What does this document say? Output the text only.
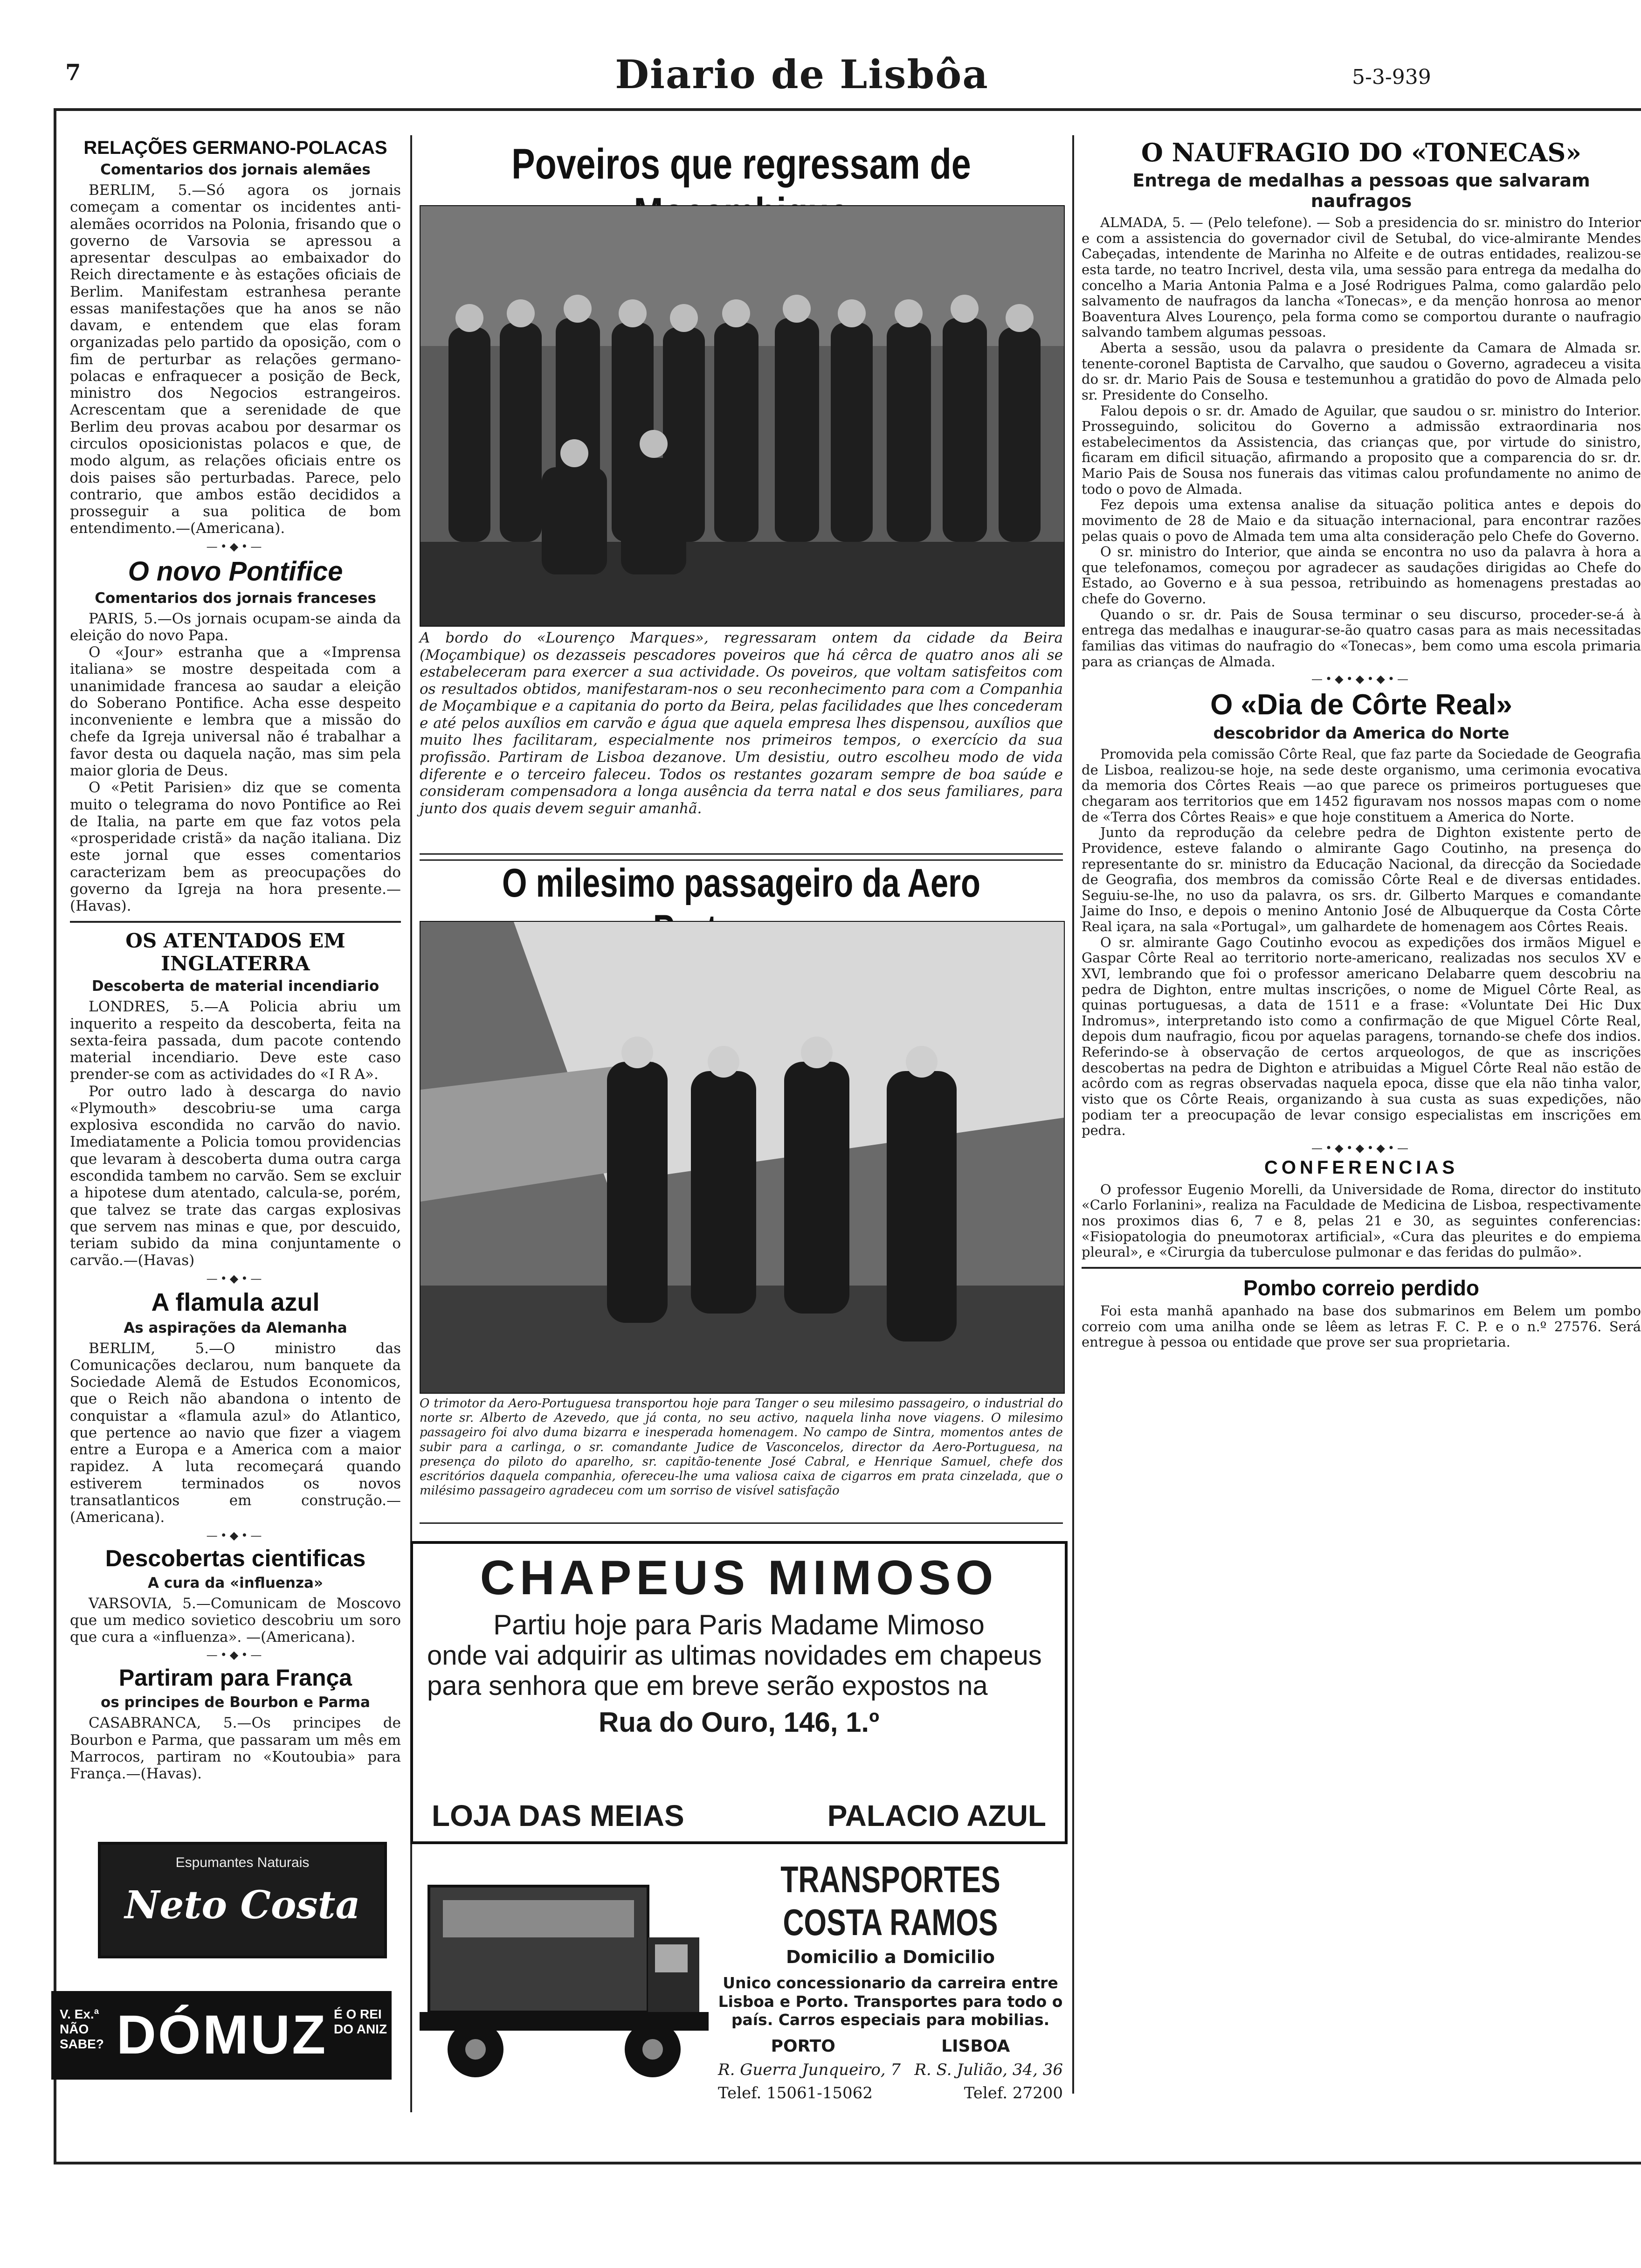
7	Diario de Lisbôa	5-3-939
RELAÇÕES GERMANO-POLACAS
Comentarios dos jornais alemães

BERLIM, 5.—Só agora os jornais começam a comentar os incidentes anti-alemães ocorridos na Polonia, frisando que o governo de Varsovia se apressou a apresentar desculpas ao embaixador do Reich directamente e às estações oficiais de Berlim. Manifestam estranhesa perante essas manifestações que ha anos se não davam, e entendem que elas foram organizadas pelo partido da oposição, com o fim de perturbar as relações germano-polacas e enfraquecer a posição de Beck, ministro dos Negocios estrangeiros. Acrescentam que a serenidade de que Berlim deu provas acabou por desarmar os circulos oposicionistas polacos e que, de modo algum, as relações oficiais entre os dois paises são perturbadas. Parece, pelo contrario, que ambos estão decididos a prosseguir a sua politica de bom entendimento.—(Americana).

—•◆•—
O novo Pontifice
Comentarios dos jornais franceses

PARIS, 5.—Os jornais ocupam-se ainda da eleição do novo Papa.

O «Jour» estranha que a «Imprensa italiana» se mostre despeitada com a unanimidade francesa ao saudar a eleição do Soberano Pontifice. Acha esse despeito inconveniente e lembra que a missão do chefe da Igreja universal não é trabalhar a favor desta ou daquela nação, mas sim pela maior gloria de Deus.

O «Petit Parisien» diz que se comenta muito o telegrama do novo Pontifice ao Rei de Italia, na parte em que faz votos pela «prosperidade cristã» da nação italiana. Diz este jornal que esses comentarios caracterizam bem as preocupações do governo da Igreja na hora presente.—(Havas).

OS ATENTADOS EM INGLATERRA
Descoberta de material incendiario

LONDRES, 5.—A Policia abriu um inquerito a respeito da descoberta, feita na sexta-feira passada, dum pacote contendo material incendiario. Deve este caso prender-se com as actividades do «I R A».

Por outro lado à descarga do navio «Plymouth» descobriu-se uma carga explosiva escondida no carvão do navio. Imediatamente a Policia tomou providencias que levaram à descoberta duma outra carga escondida tambem no carvão. Sem se excluir a hipotese dum atentado, calcula-se, porém, que talvez se trate das cargas explosivas que servem nas minas e que, por descuido, teriam subido da mina conjuntamente o carvão.—(Havas)

—•◆•—
A flamula azul
As aspirações da Alemanha

BERLIM, 5.—O ministro das Comunicações declarou, num banquete da Sociedade Alemã de Estudos Economicos, que o Reich não abandona o intento de conquistar a «flamula azul» do Atlantico, que pertence ao navio que fizer a viagem entre a Europa e a America com a maior rapidez. A luta recomeçará quando estiverem terminados os novos transatlanticos em construção.—(Americana).

—•◆•—
Descobertas cientificas
A cura da «influenza»

VARSOVIA, 5.—Comunicam de Moscovo que um medico sovietico descobriu um soro que cura a «influenza». —(Americana).

—•◆•—
Partiram para França
os principes de Bourbon e Parma

CASABRANCA, 5.—Os principes de Bourbon e Parma, que passaram um mês em Marrocos, partiram no «Koutoubia» para França.—(Havas).

Espumantes Naturais
Neto Costa
V. Ex.ª NÃO SABE? DÓMUZ É O REI DO ANIZ
Poveiros que regressam de
A bordo do «Lourenço Marques», regressaram ontem da cidade da Beira (Moçambique) os dezasseis pescadores poveiros que há cêrca de quatro anos ali se estabeleceram para exercer a sua actividade. Os poveiros, que voltam satisfeitos com os resultados obtidos, manifestaram-nos o seu reconhecimento para com a Companhia de Moçambique e a capitania do porto da Beira, pelas facilidades que lhes concederam e até pelos auxílios em carvão e água que aquela empresa lhes dispensou, auxílios que muito lhes facilitaram, especialmente nos primeiros tempos, o exercício da sua profissão. Partiram de Lisboa dezanove. Um desistiu, outro escolheu modo de vida diferente e o terceiro faleceu. Todos os restantes gozaram sempre de boa saúde e consideram compensadora a longa ausência da terra natal e dos seus familiares, para junto dos quais devem seguir amanhã.
O milesimo passageiro da Aero
O trimotor da Aero-Portuguesa transportou hoje para Tanger o seu milesimo passageiro, o industrial do norte sr. Alberto de Azevedo, que já conta, no seu activo, naquela linha nove viagens. O milesimo passageiro foi alvo duma bizarra e inesperada homenagem. No campo de Sintra, momentos antes de subir para a carlinga, o sr. comandante Judice de Vasconcelos, director da Aero-Portuguesa, na presença do piloto do aparelho, sr. capitão-tenente José Cabral, e Henrique Samuel, chefe dos escritórios daquela companhia, ofereceu-lhe uma valiosa caixa de cigarros em prata cinzelada, que o milésimo passageiro agradeceu com um sorriso de visível satisfação
CHAPEUS MIMOSO
Partiu hoje para Paris Madame Mimoso
onde vai adquirir as ultimas novidades em chapeus para senhora que em breve serão expostos na
Rua do Ouro, 146, 1.º
LOJA DAS MEIAS	PALACIO AZUL
TRANSPORTES COSTA RAMOS
Domicilio a Domicilio
Unico concessionario da carreira entre Lisboa e Porto. Transportes para todo o país. Carros especiais para mobilias.
PORTO	LISBOA
R. Guerra Junqueiro, 7 R. S. Julião, 34, 36
Telef. 15061-15062	Telef. 27200
O NAUFRAGIO DO «TONECAS»
Entrega de medalhas a pessoas que salvaram naufragos

ALMADA, 5. — (Pelo telefone). — Sob a presidencia do sr. ministro do Interior e com a assistencia do governador civil de Setubal, do vice-almirante Mendes Cabeçadas, intendente de Marinha no Alfeite e de outras entidades, realizou-se esta tarde, no teatro Incrivel, desta vila, uma sessão para entrega da medalha do concelho a Maria Antonia Palma e a José Rodrigues Palma, como galardão pelo salvamento de naufragos da lancha «Tonecas», e da menção honrosa ao menor Boaventura Alves Lourenço, pela forma como se comportou durante o naufragio salvando tambem algumas pessoas.

Aberta a sessão, usou da palavra o presidente da Camara de Almada sr. tenente-coronel Baptista de Carvalho, que saudou o Governo, agradeceu a visita do sr. dr. Mario Pais de Sousa e testemunhou a gratidão do povo de Almada pelo sr. Presidente do Conselho.

Falou depois o sr. dr. Amado de Aguilar, que saudou o sr. ministro do Interior. Prosseguindo, solicitou do Governo a admissão extraordinaria nos estabelecimentos da Assistencia, das crianças que, por virtude do sinistro, ficaram em dificil situação, afirmando a proposito que a comparencia do sr. dr. Mario Pais de Sousa nos funerais das vitimas calou profundamente no animo de todo o povo de Almada.

Fez depois uma extensa analise da situação politica antes e depois do movimento de 28 de Maio e da situação internacional, para encontrar razões pelas quais o povo de Almada tem uma alta consideração pelo Chefe do Governo.

O sr. ministro do Interior, que ainda se encontra no uso da palavra à hora a que telefonamos, começou por agradecer as saudações dirigidas ao Chefe do Estado, ao Governo e à sua pessoa, retribuindo as homenagens prestadas ao chefe do Governo.

Quando o sr. dr. Pais de Sousa terminar o seu discurso, proceder-se-á à entrega das medalhas e inaugurar-se-ão quatro casas para as mais necessitadas familias das vitimas do naufragio do «Tonecas», bem como uma escola primaria para as crianças de Almada.

—•◆•◆•◆•—
O «Dia de Côrte Real»
descobridor da America do Norte

Promovida pela comissão Côrte Real, que faz parte da Sociedade de Geografia de Lisboa, realizou-se hoje, na sede deste organismo, uma cerimonia evocativa da memoria dos Côrtes Reais —ao que parece os primeiros portugueses que chegaram aos territorios que em 1452 figuravam nos nossos mapas com o nome de «Terra dos Côrtes Reais» e que hoje constituem a America do Norte.

Junto da reprodução da celebre pedra de Dighton existente perto de Providence, esteve falando o almirante Gago Coutinho, na presença do representante do sr. ministro da Educação Nacional, da direcção da Sociedade de Geografia, dos membros da comissão Côrte Real e de diversas entidades. Seguiu-se-lhe, no uso da palavra, os srs. dr. Gilberto Marques e comandante Jaime do Inso, e depois o menino Antonio José de Albuquerque da Costa Côrte Real içara, na sala «Portugal», um galhardete de homenagem aos Côrtes Reais.

O sr. almirante Gago Coutinho evocou as expedições dos irmãos Miguel e Gaspar Côrte Real ao territorio norte-americano, realizadas nos seculos XV e XVI, lembrando que foi o professor americano Delabarre quem descobriu na pedra de Dighton, entre multas inscrições, o nome de Miguel Côrte Real, as quinas portuguesas, a data de 1511 e a frase: «Voluntate Dei Hic Dux Indromus», interpretando isto como a confirmação de que Miguel Côrte Real, depois dum naufragio, ficou por aquelas paragens, tornando-se chefe dos indios. Referindo-se à observação de certos arqueologos, de que as inscrições descobertas na pedra de Dighton e atribuidas a Miguel Côrte Real não estão de acôrdo com as regras observadas naquela epoca, disse que ela não tinha valor, visto que os Côrte Reais, organizando à sua custa as suas expedições, não podiam ter a preocupação de levar consigo especialistas em inscrições em pedra.

—•◆•◆•◆•—
CONFERENCIAS

O professor Eugenio Morelli, da Universidade de Roma, director do instituto «Carlo Forlanini», realiza na Faculdade de Medicina de Lisboa, respectivamente nos proximos dias 6, 7 e 8, pelas 21 e 30, as seguintes conferencias: «Fisiopatologia do pneumotorax artificial», «Cura das pleurites e do empiema pleural», e «Cirurgia da tuberculose pulmonar e das feridas do pulmão».

Pombo correio perdido

Foi esta manhã apanhado na base dos submarinos em Belem um pombo correio com uma anilha onde se lêem as letras F. C. P. e o n.º 27576. Será entregue à pessoa ou entidade que prove ser sua proprietaria.
